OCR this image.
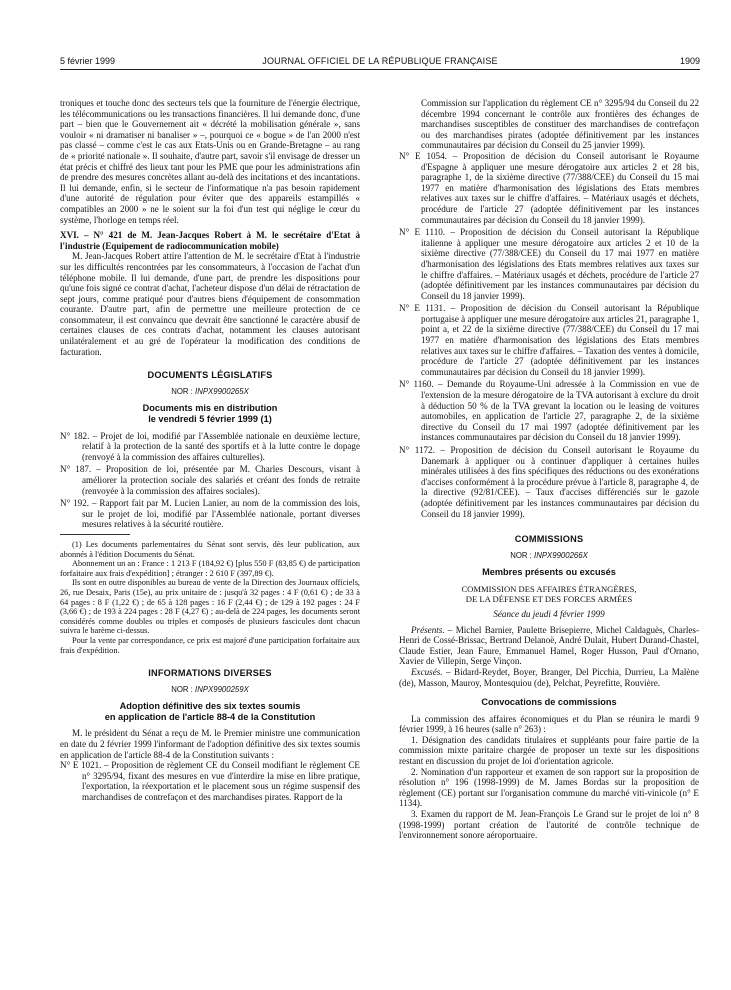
5 février 1999	JOURNAL OFFICIEL DE LA RÉPUBLIQUE FRANÇAISE	1909

troniques et touche donc des secteurs tels que la fourniture de l'énergie électrique, les télécommunications ou les transactions financières. Il lui demande donc, d'une part – bien que le Gouvernement ait « décrété la mobilisation générale », sans vouloir « ni dramatiser ni banaliser » –, pourquoi ce « bogue » de l'an 2000 n'est pas classé – comme c'est le cas aux Etats-Unis ou en Grande-Bretagne – au rang de « priorité nationale ». Il souhaite, d'autre part, savoir s'il envisage de dresser un état précis et chiffré des lieux tant pour les PME que pour les administrations afin de prendre des mesures concrètes allant au-delà des incitations et des incantations. Il lui demande, enfin, si le secteur de l'informatique n'a pas besoin rapidement d'une autorité de régulation pour éviter que des appareils estampillés « compatibles an 2000 » ne le soient sur la foi d'un test qui néglige le cœur du système, l'horloge en temps réel.

XVI. – N° 421 de M. Jean-Jacques Robert à M. le secrétaire d'Etat à l'industrie (Equipement de radiocommunication mobile)

M. Jean-Jacques Robert attire l'attention de M. le secrétaire d'Etat à l'industrie sur les difficultés rencontrées par les consommateurs, à l'occasion de l'achat d'un téléphone mobile. Il lui demande, d'une part, de prendre les dispositions pour qu'une fois signé ce contrat d'achat, l'acheteur dispose d'un délai de rétractation de sept jours, comme pratiqué pour d'autres biens d'équipement de consommation courante. D'autre part, afin de permettre une meilleure protection de ce consommateur, il est convaincu que devrait être sanctionné le caractère abusif de certaines clauses de ces contrats d'achat, notamment les clauses autorisant unilatéralement et au gré de l'opérateur la modification des conditions de facturation.

DOCUMENTS LÉGISLATIFS
NOR : INPX9900265X
Documents mis en distribution
le vendredi 5 février 1999 (1)

N° 182. – Projet de loi, modifié par l'Assemblée nationale en deuxième lecture, relatif à la protection de la santé des sportifs et à la lutte contre le dopage (renvoyé à la commission des affaires culturelles).

N° 187. – Proposition de loi, présentée par M. Charles Descours, visant à améliorer la protection sociale des salariés et créant des fonds de retraite (renvoyée à la commission des affaires sociales).

N° 192. – Rapport fait par M. Lucien Lanier, au nom de la commission des lois, sur le projet de loi, modifié par l'Assemblée nationale, portant diverses mesures relatives à la sécurité routière.

(1) Les documents parlementaires du Sénat sont servis, dès leur publication, aux abonnés à l'édition Documents du Sénat.

Abonnement un an : France : 1 213 F (184,92 €) [plus 550 F (83,85 €) de participation forfaitaire aux frais d'expédition] ; étranger : 2 610 F (397,89 €).

Ils sont en outre disponibles au bureau de vente de la Direction des Journaux officiels, 26, rue Desaix, Paris (15e), au prix unitaire de : jusqu'à 32 pages : 4 F (0,61 €) ; de 33 à 64 pages : 8 F (1,22 €) ; de 65 à 128 pages : 16 F (2,44 €) ; de 129 à 192 pages : 24 F (3,66 €) ; de 193 à 224 pages : 28 F (4,27 €) ; au-delà de 224 pages, les documents seront considérés comme doubles ou triples et composés de plusieurs fascicules dont chacun suivra le barème ci-dessus.

Pour la vente par correspondance, ce prix est majoré d'une participation forfaitaire aux frais d'expédition.

INFORMATIONS DIVERSES
NOR : INPX9900259X
Adoption définitive des six textes soumis
en application de l'article 88-4 de la Constitution

M. le président du Sénat a reçu de M. le Premier ministre une communication en date du 2 février 1999 l'informant de l'adoption définitive des six textes soumis en application de l'article 88-4 de la Constitution suivants :

N° E 1021. – Proposition de règlement CE du Conseil modifiant le règlement CE n° 3295/94, fixant des mesures en vue d'interdire la mise en libre pratique, l'exportation, la réexportation et le placement sous un régime suspensif des marchandises de contrefaçon et des marchandises pirates. Rapport de la

Commission sur l'application du règlement CE n° 3295/94 du Conseil du 22 décembre 1994 concernant le contrôle aux frontières des échanges de marchandises susceptibles de constituer des marchandises de contrefaçon ou des marchandises pirates (adoptée définitivement par les instances communautaires par décision du Conseil du 25 janvier 1999).

N° E 1054. – Proposition de décision du Conseil autorisant le Royaume d'Espagne à appliquer une mesure dérogatoire aux articles 2 et 28 bis, paragraphe 1, de la sixième directive (77/388/CEE) du Conseil du 15 mai 1977 en matière d'harmonisation des législations des Etats membres relatives aux taxes sur le chiffre d'affaires. – Matériaux usagés et déchets, procédure de l'article 27 (adoptée définitivement par les instances communautaires par décision du Conseil du 18 janvier 1999).

N° E 1110. – Proposition de décision du Conseil autorisant la République italienne à appliquer une mesure dérogatoire aux articles 2 et 10 de la sixième directive (77/388/CEE) du Conseil du 17 mai 1977 en matière d'harmonisation des législations des Etats membres relatives aux taxes sur le chiffre d'affaires. – Matériaux usagés et déchets, procédure de l'article 27 (adoptée définitivement par les instances communautaires par décision du Conseil du 18 janvier 1999).

N° E 1131. – Proposition de décision du Conseil autorisant la République portugaise à appliquer une mesure dérogatoire aux articles 21, paragraphe 1, point a, et 22 de la sixième directive (77/388/CEE) du Conseil du 17 mai 1977 en matière d'harmonisation des législations des Etats membres relatives aux taxes sur le chiffre d'affaires. – Taxation des ventes à domicile, procédure de l'article 27 (adoptée définitivement par les instances communautaires par décision du Conseil du 18 janvier 1999).

N° 1160. – Demande du Royaume-Uni adressée à la Commission en vue de l'extension de la mesure dérogatoire de la TVA autorisant à exclure du droit à déduction 50 % de la TVA grevant la location ou le leasing de voitures automobiles, en application de l'article 27, paragraphe 2, de la sixième directive du Conseil du 17 mai 1997 (adoptée définitivement par les instances communautaires par décision du Conseil du 18 janvier 1999).

N° 1172. – Proposition de décision du Conseil autorisant le Royaume du Danemark à appliquer ou à continuer d'appliquer à certaines huiles minérales utilisées à des fins spécifiques des réductions ou des exonérations d'accises conformément à la procédure prévue à l'article 8, paragraphe 4, de la directive (92/81/CEE). – Taux d'accises différenciés sur le gazole (adoptée définitivement par les instances communautaires par décision du Conseil du 18 janvier 1999).

COMMISSIONS
NOR : INPX9900266X
Membres présents ou excusés
COMMISSION DES AFFAIRES ÉTRANGÈRES,
DE LA DÉFENSE ET DES FORCES ARMÉES

Séance du jeudi 4 février 1999

Présents. – Michel Barnier, Paulette Brisepierre, Michel Caldaguès, Charles-Henri de Cossé-Brissac, Bertrand Delanoë, André Dulait, Hubert Durand-Chastel, Claude Estier, Jean Faure, Emmanuel Hamel, Roger Husson, Paul d'Ornano, Xavier de Villepin, Serge Vinçon.

Excusés. – Bidard-Reydet, Boyer, Branger, Del Picchia, Durrieu, La Malène (de), Masson, Mauroy, Montesquiou (de), Pelchat, Peyrefitte, Rouvière.

Convocations de commissions

La commission des affaires économiques et du Plan se réunira le mardi 9 février 1999, à 16 heures (salle n° 263) :

1. Désignation des candidats titulaires et suppléants pour faire partie de la commission mixte paritaire chargée de proposer un texte sur les dispositions restant en discussion du projet de loi d'orientation agricole.

2. Nomination d'un rapporteur et examen de son rapport sur la proposition de résolution n° 196 (1998-1999) de M. James Bordas sur la proposition de règlement (CE) portant sur l'organisation commune du marché viti-vinicole (n° E 1134).

3. Examen du rapport de M. Jean-François Le Grand sur le projet de loi n° 8 (1998-1999) portant création de l'autorité de contrôle technique de l'environnement sonore aéroportuaire.
